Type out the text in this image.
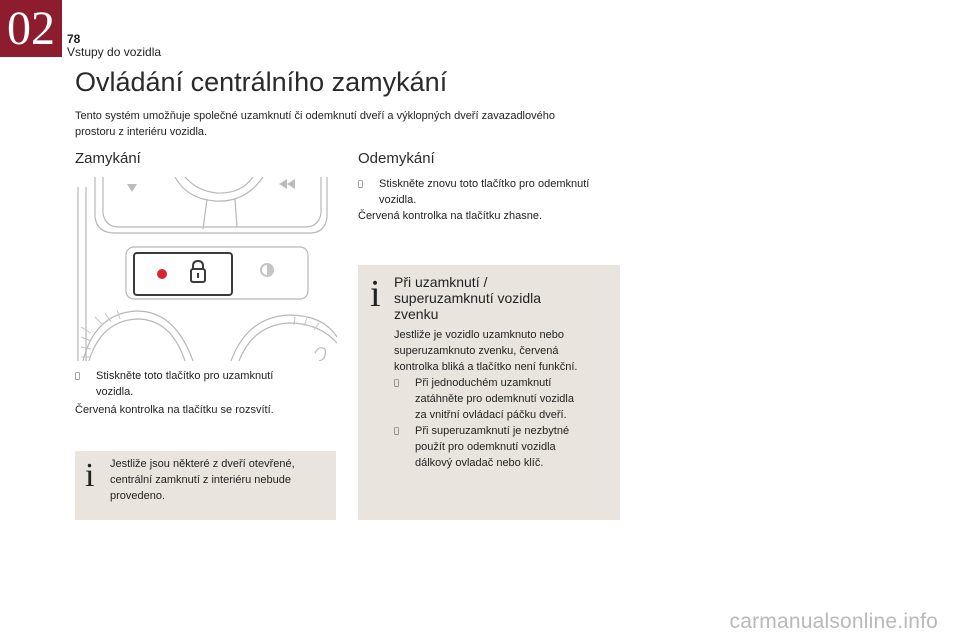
02 78
Vstupy do vozidla
Ovládání centrálního zamykání
Tento systém umožňuje společné uzamknutí či odemknutí dveří a výklopných dveří zavazadlového
prostoru z interiéru vozidla.
Zamykání
Stiskněte toto tlačítko pro uzamknutí
vozidla.
Červená kontrolka na tlačítku se rozsvítí.
i Jestliže jsou některé z dveří otevřené,
centrální zamknutí z interiéru nebude
provedeno.
Odemykání
Stiskněte znovu toto tlačítko pro odemknutí
vozidla.
Červená kontrolka na tlačítku zhasne.
i Při uzamknutí /
superuzamknutí vozidla
zvenku
Jestliže je vozidlo uzamknuto nebo
superuzamknuto zvenku, červená
kontrolka bliká a tlačítko není funkční.
Při jednoduchém uzamknutí
zatáhněte pro odemknutí vozidla
za vnitřní ovládací páčku dveří.
Při superuzamknutí je nezbytné
použít pro odemknutí vozidla
dálkový ovladač nebo klíč.
carmanualsonline.info
